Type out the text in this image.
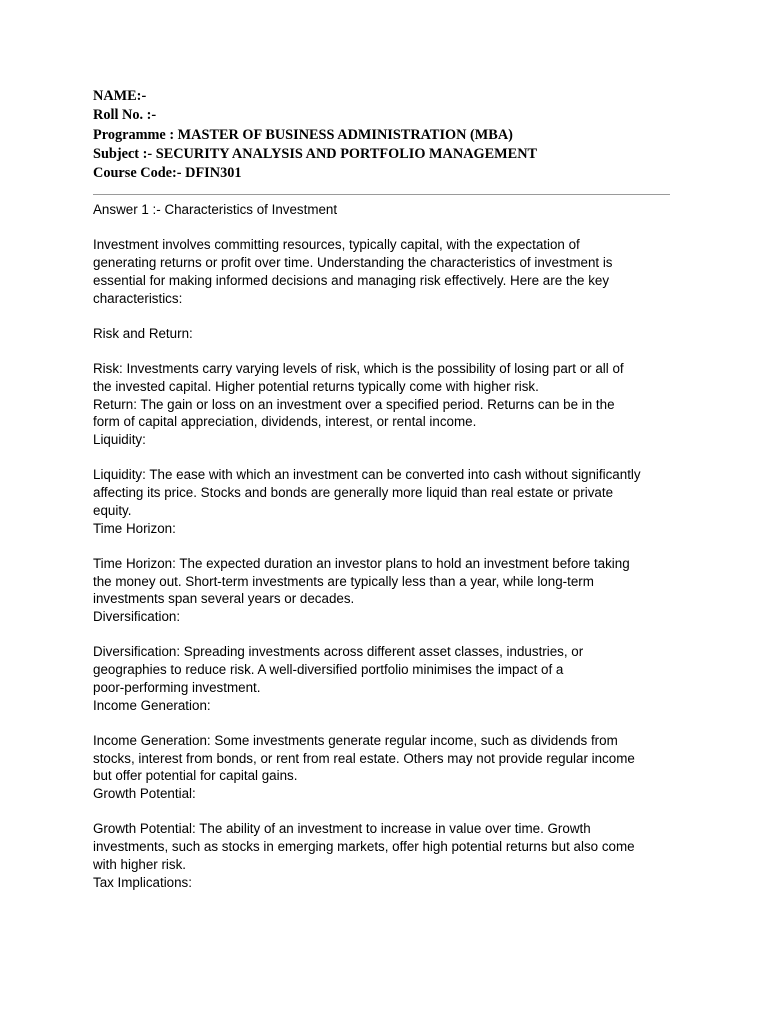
NAME:-
Roll No. :-
Programme : MASTER OF BUSINESS ADMINISTRATION (MBA)
Subject :- SECURITY ANALYSIS AND PORTFOLIO MANAGEMENT
Course Code:- DFIN301

Answer 1 :- Characteristics of Investment

Investment involves committing resources, typically capital, with the expectation of

generating returns or profit over time. Understanding the characteristics of investment is

essential for making informed decisions and managing risk effectively. Here are the key

characteristics:

Risk and Return:

Risk: Investments carry varying levels of risk, which is the possibility of losing part or all of

the invested capital. Higher potential returns typically come with higher risk.

Return: The gain or loss on an investment over a specified period. Returns can be in the

form of capital appreciation, dividends, interest, or rental income.

Liquidity:

Liquidity: The ease with which an investment can be converted into cash without significantly

affecting its price. Stocks and bonds are generally more liquid than real estate or private

equity.

Time Horizon:

Time Horizon: The expected duration an investor plans to hold an investment before taking

the money out. Short-term investments are typically less than a year, while long-term

investments span several years or decades.

Diversification:

Diversification: Spreading investments across different asset classes, industries, or

geographies to reduce risk. A well-diversified portfolio minimises the impact of a

poor-performing investment.

Income Generation:

Income Generation: Some investments generate regular income, such as dividends from

stocks, interest from bonds, or rent from real estate. Others may not provide regular income

but offer potential for capital gains.

Growth Potential:

Growth Potential: The ability of an investment to increase in value over time. Growth

investments, such as stocks in emerging markets, offer high potential returns but also come

with higher risk.

Tax Implications:
